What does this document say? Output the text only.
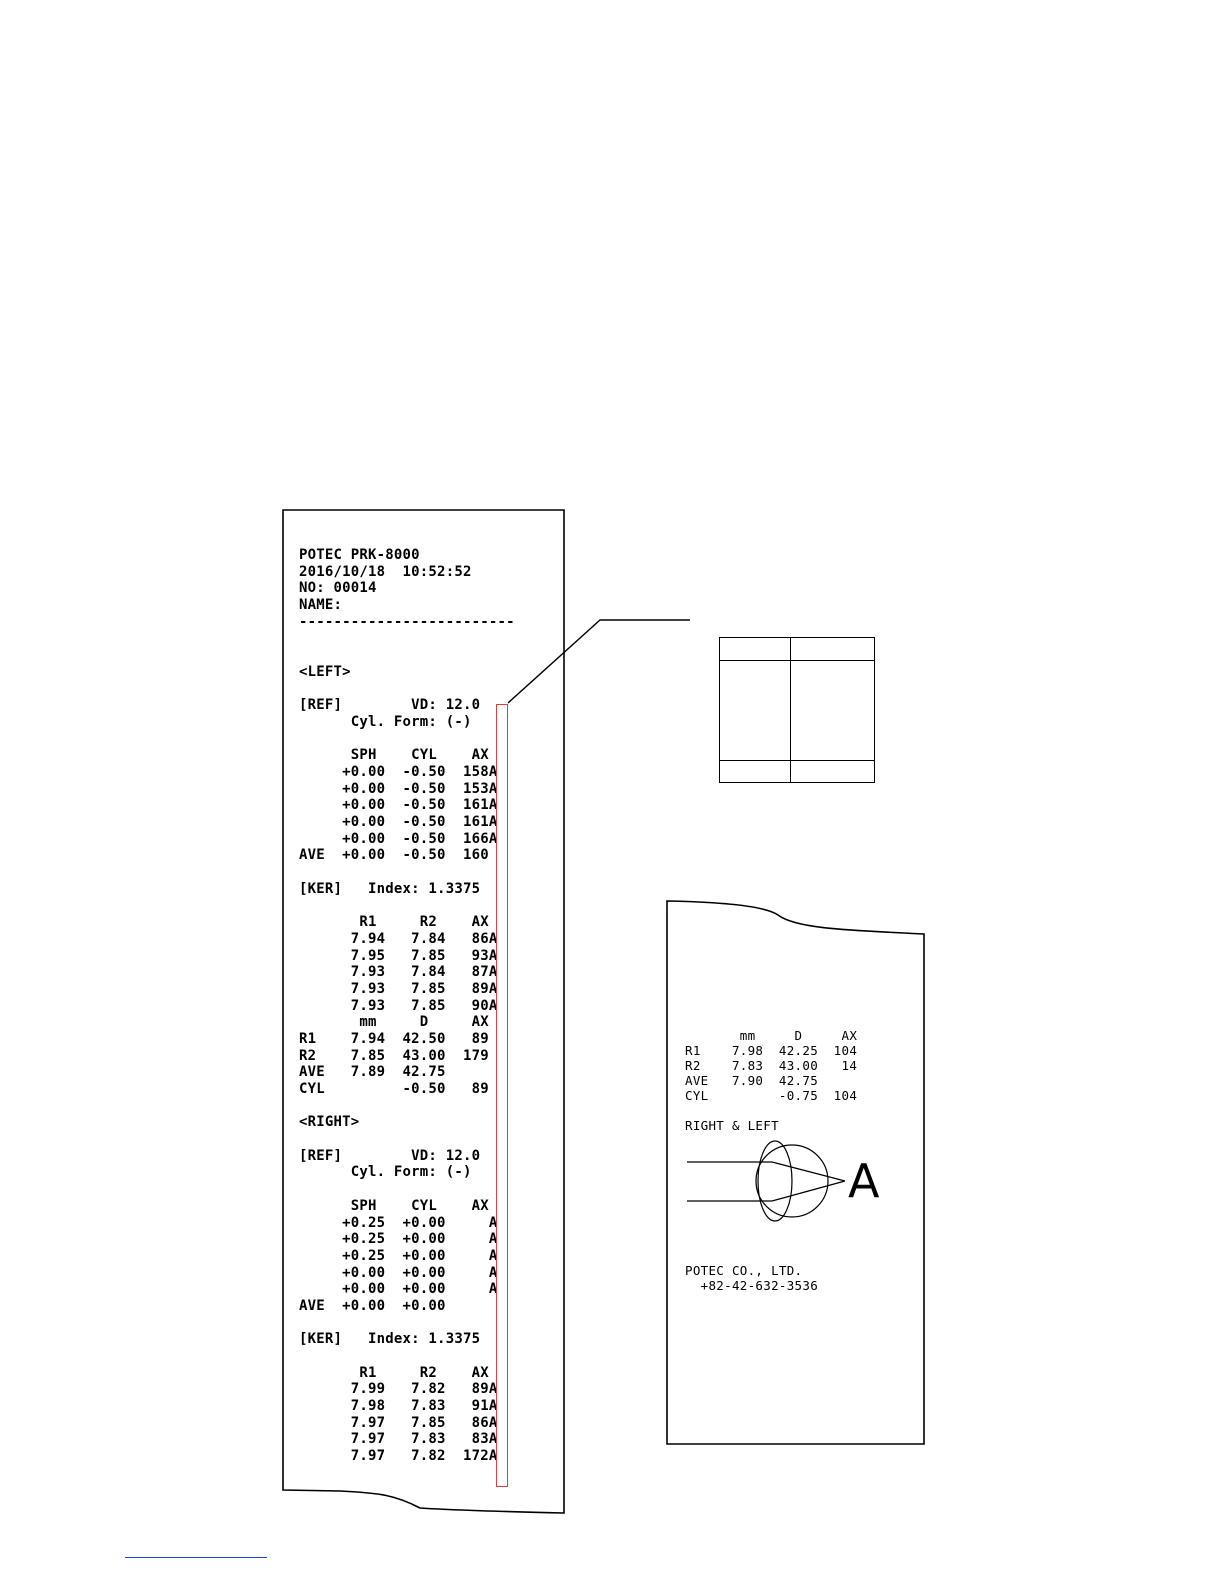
POTEC PRK-8000
2016/10/18  10:52:52
NO: 00014
NAME:
-------------------------
<LEFT>
[REF]        VD: 12.0
Cyl. Form: (-)
SPH    CYL    AX
+0.00  -0.50  158A
+0.00  -0.50  153A
+0.00  -0.50  161A
+0.00  -0.50  161A
+0.00  -0.50  166A
AVE  +0.00  -0.50  160
[KER]   Index: 1.3375
R1     R2    AX
7.94   7.84   86A
7.95   7.85   93A
7.93   7.84   87A
7.93   7.85   89A
7.93   7.85   90A
mm     D     AX
R1    7.94  42.50   89
R2    7.85  43.00  179
AVE   7.89  42.75
CYL         -0.50   89
<RIGHT>
[REF]        VD: 12.0
Cyl. Form: (-)
SPH    CYL    AX
+0.25  +0.00     A
+0.25  +0.00     A
+0.25  +0.00     A
+0.00  +0.00     A
+0.00  +0.00     A
AVE  +0.00  +0.00
[KER]   Index: 1.3375
R1     R2    AX
7.99   7.82   89A
7.98   7.83   91A
7.97   7.85   86A
7.97   7.83   83A
7.97   7.82  172A
mm     D     AX
R1    7.98  42.25  104
R2    7.83  43.00   14
AVE   7.90  42.75
CYL         -0.75  104
RIGHT & LEFT
A
POTEC CO., LTD.
+82-42-632-3536
